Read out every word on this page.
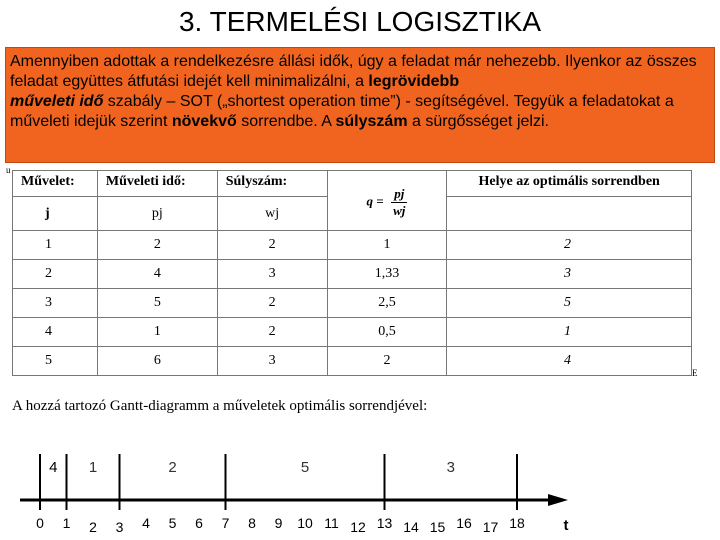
3. TERMELÉSI LOGISZTIKA
Amennyiben adottak a rendelkezésre állási idők, úgy a feladat már nehezebb. Ilyenkor az összes feladat együttes átfutási idejét kell minimalizálni, a legrövidebb
műveleti idő szabály – SOT („shortest operation time”) - segítségével. Tegyük a feladatokat a műveleti idejük szerint növekvő sorrendbe. A súlyszám a sürgősséget jelzi.
u
Művelet:	Műveleti idő:	Súlyszám:	$q = \frac{pj}{wj}$	Helye az optimális sorrendben
j	pj	wj		
1	2	2	1	2
2	4	3	1,33	3
3	5	2	2,5	5
4	1	2	0,5	1
5	6	3	2	4
E
A hozzá tartozó Gantt-diagramm a műveletek optimális sorrendjével:
4 1	2	5	3
0 1 2 3 4 5 6 7 8 9 10 11 12 13 14 15 16 17 18	t
